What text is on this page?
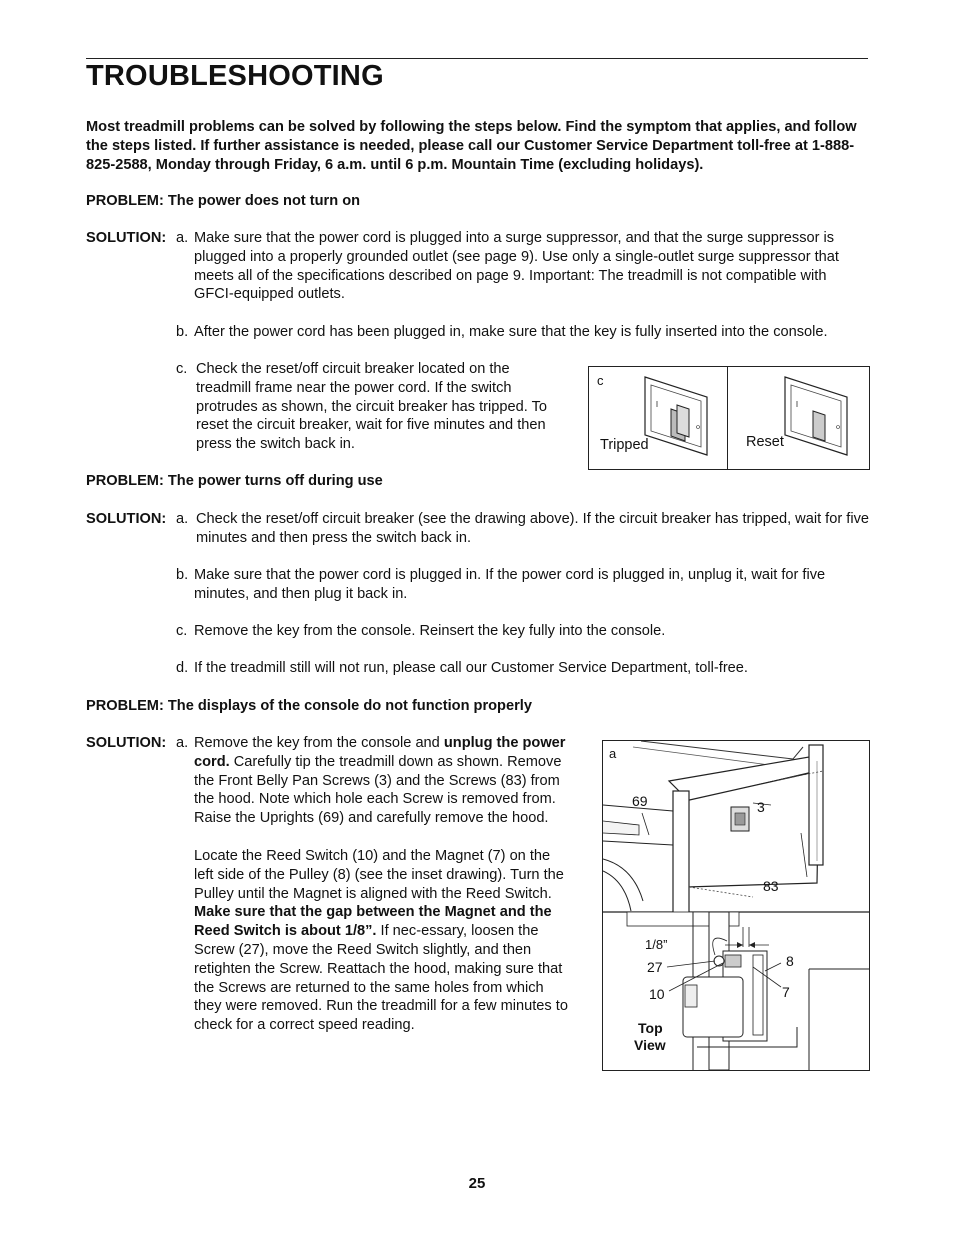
TROUBLESHOOTING

Most treadmill problems can be solved by following the steps below. Find the symptom that applies, and follow the steps listed. If further assistance is needed, please call our Customer Service Department toll-free at 1-888-825-2588, Monday through Friday, 6 a.m. until 6 p.m. Mountain Time (excluding holidays).

PROBLEM: The power does not turn on
SOLUTION: a. Make sure that the power cord is plugged into a surge suppressor, and that the surge suppressor is plugged into a properly grounded outlet (see page 9). Use only a single-outlet surge suppressor that meets all of the specifications described on page 9. Important: The treadmill is not compatible with GFCI-equipped outlets.
b. After the power cord has been plugged in, make sure that the key is fully inserted into the console.
c. Check the reset/off circuit breaker located on the treadmill frame near the power cord. If the switch protrudes as shown, the circuit breaker has tripped. To reset the circuit breaker, wait for five minutes and then press the switch back in.
c
Tripped	Reset
PROBLEM: The power turns off during use
SOLUTION: a. Check the reset/off circuit breaker (see the drawing above). If the circuit breaker has tripped, wait for five minutes and then press the switch back in.
b. Make sure that the power cord is plugged in. If the power cord is plugged in, unplug it, wait for five minutes, and then plug it back in.
c. Remove the key from the console. Reinsert the key fully into the console.
d. If the treadmill still will not run, please call our Customer Service Department, toll-free.
PROBLEM: The displays of the console do not function properly
SOLUTION: a. Remove the key from the console and unplug the power cord. Carefully tip the treadmill down as shown. Remove the Front Belly Pan Screws (3) and the Screws (83) from the hood. Note which hole each Screw is removed from. Raise the Uprights (69) and carefully remove the hood.
Locate the Reed Switch (10) and the Magnet (7) on the left side of the Pulley (8) (see the inset drawing). Turn the Pulley until the Magnet is aligned with the Reed Switch. Make sure that the gap between the Magnet and the Reed Switch is about 1/8”. If nec-essary, loosen the Screw (27), move the Reed Switch slightly, and then retighten the Screw. Reattach the hood, making sure that the Screws are returned to the same holes from which they were removed. Run the treadmill for a few minutes to check for a correct speed reading.
a
69	3
83
1/8”
27
10
8
7
Top
View
25
